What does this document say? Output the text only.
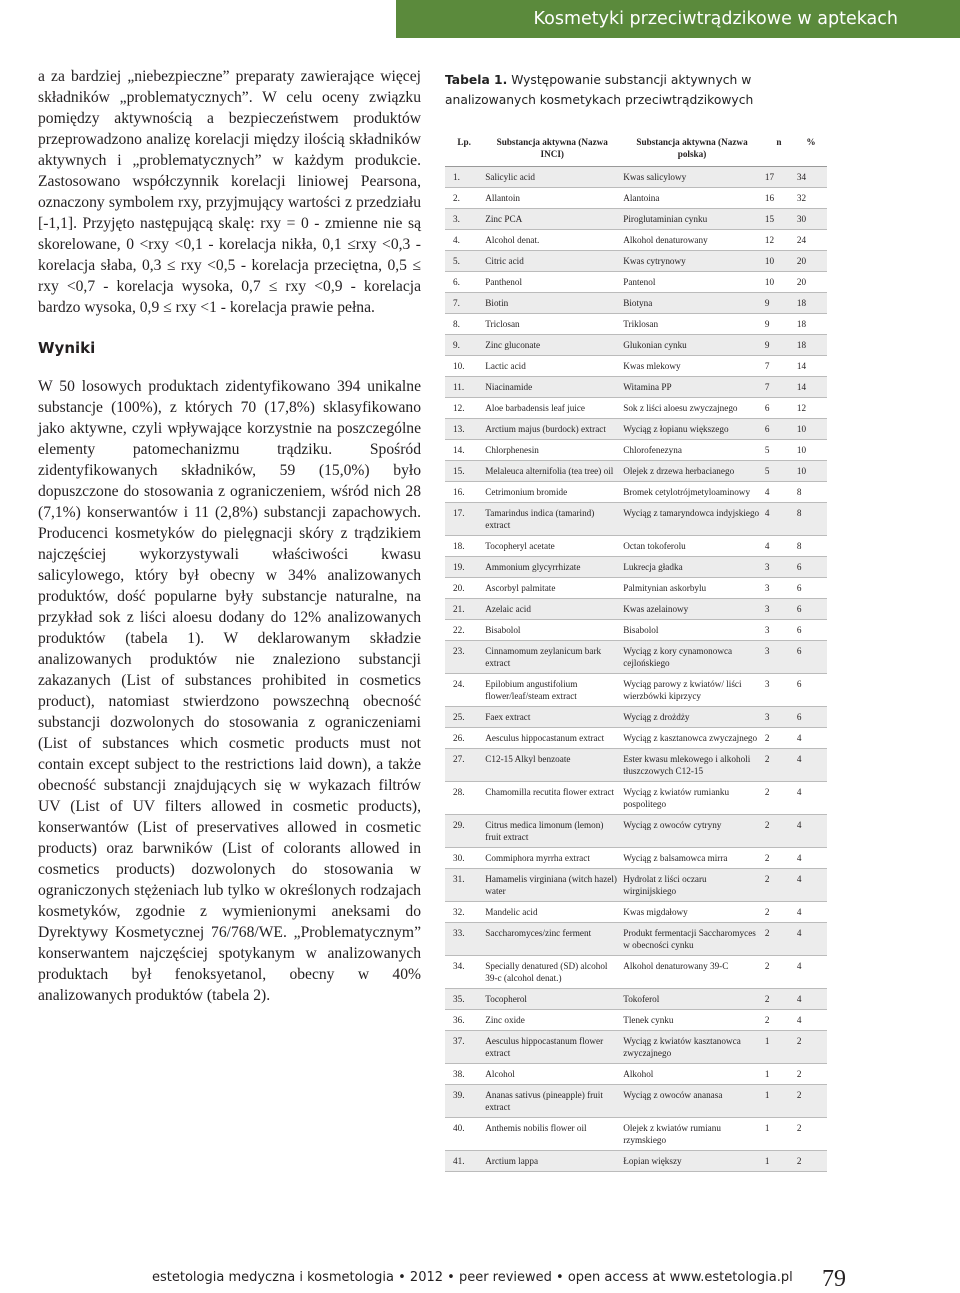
Kosmetyki przeciwtrądzikowe w aptekach

a za bardziej „niebezpieczne” preparaty zawierające więcej składników „problematycznych”. W celu oceny związku pomiędzy aktywnością a bezpieczeństwem produktów przeprowadzono analizę korelacji między ilością składników aktywnych i „problematycznych” w każdym produkcie. Zastosowano współczynnik korelacji liniowej Pearsona, oznaczony symbolem rxy, przyjmujący wartości z przedziału [-1,1]. Przyjęto następującą skalę: rxy = 0 - zmienne nie są skorelowane, 0 <rxy <0,1 - korelacja nikła, 0,1 ≤rxy <0,3 - korelacja słaba, 0,3 ≤ rxy <0,5 - korelacja przeciętna, 0,5 ≤ rxy <0,7 - korelacja wysoka, 0,7 ≤ rxy <0,9 - korelacja bardzo wysoka, 0,9 ≤ rxy <1 - korelacja prawie pełna.

Wyniki

W 50 losowych produktach zidentyfikowano 394 unikalne substancje (100%), z których 70 (17,8%) sklasyfikowano jako aktywne, czyli wpływające korzystnie na poszczególne elementy patomechanizmu trądziku. Spośród zidentyfikowanych składników, 59 (15,0%) było dopuszczone do stosowania z ograniczeniem, wśród nich 28 (7,1%) konserwantów i 11 (2,8%) substancji zapachowych. Producenci kosmetyków do pielęgnacji skóry z trądzikiem najczęściej wykorzystywali właściwości kwasu salicylowego, który był obecny w 34% analizowanych produktów, dość popularne były substancje naturalne, na przykład sok z liści aloesu dodany do 12% analizowanych produktów (tabela 1). W deklarowanym składzie analizowanych produktów nie znaleziono substancji zakazanych (List of substances prohibited in cosmetics product), natomiast stwierdzono powszechną obecność substancji dozwolonych do stosowania z ograniczeniami (List of substances which cosmetic products must not contain except subject to the restrictions laid down), a także obecność substancji znajdujących się w wykazach filtrów UV (List of UV filters allowed in cosmetic products), konserwantów (List of preservatives allowed in cosmetic products) oraz barwników (List of colorants allowed in cosmetics products) dozwolonych do stosowania w ograniczonych stężeniach lub tylko w określonych rodzajach kosmetyków, zgodnie z wymienionymi aneksami do Dyrektywy Kosmetycznej 76/768/WE. „Problematycznym” konserwantem najczęściej spotykanym w analizowanych produktach był fenoksyetanol, obecny w 40% analizowanych produktów (tabela 2).

Tabela 1. Występowanie substancji aktywnych w analizowanych kosmetykach przeciwtrądzikowych
Lp.	Substancja aktywna (Nazwa INCI)	Substancja aktywna (Nazwa polska)	n	%
1.	Salicylic acid	Kwas salicylowy	17	34
2.	Allantoin	Alantoina	16	32
3.	Zinc PCA	Piroglutaminian cynku	15	30
4.	Alcohol denat.	Alkohol denaturowany	12	24
5.	Citric acid	Kwas cytrynowy	10	20
6.	Panthenol	Pantenol	10	20
7.	Biotin	Biotyna	9	18
8.	Triclosan	Triklosan	9	18
9.	Zinc gluconate	Glukonian cynku	9	18
10.	Lactic acid	Kwas mlekowy	7	14
11.	Niacinamide	Witamina PP	7	14
12.	Aloe barbadensis leaf juice	Sok z liści aloesu zwyczajnego	6	12
13.	Arctium majus (burdock) extract	Wyciąg z łopianu większego	6	10
14.	Chlorphenesin	Chlorofenezyna	5	10
15.	Melaleuca alternifolia (tea tree) oil	Olejek z drzewa herbacianego	5	10
16.	Cetrimonium bromide	Bromek cetylotrójmetyloaminowy	4	8
17.	Tamarindus indica (tamarind) extract	Wyciąg z tamaryndowca indyjskiego	4	8
18.	Tocopheryl acetate	Octan tokoferolu	4	8
19.	Ammonium glycyrrhizate	Lukrecja gładka	3	6
20.	Ascorbyl palmitate	Palmitynian askorbylu	3	6
21.	Azelaic acid	Kwas azelainowy	3	6
22.	Bisabolol	Bisabolol	3	6
23.	Cinnamomum zeylanicum bark extract	Wyciąg z kory cynamonowca cejlońskiego	3	6
24.	Epilobium angustifolium flower/leaf/steam extract	Wyciąg parowy z kwiatów/ liści wierzbówki kiprzycy	3	6
25.	Faex extract	Wyciąg z drożdży	3	6
26.	Aesculus hippocastanum extract	Wyciąg z kasztanowca zwyczajnego	2	4
27.	C12-15 Alkyl benzoate	Ester kwasu mlekowego i alkoholi tłuszczowych C12-15	2	4
28.	Chamomilla recutita flower extract	Wyciąg z kwiatów rumianku pospolitego	2	4
29.	Citrus medica limonum (lemon) fruit extract	Wyciąg z owoców cytryny	2	4
30.	Commiphora myrrha extract	Wyciąg z balsamowca mirra	2	4
31.	Hamamelis virginiana (witch hazel) water	Hydrolat z liści oczaru wirginijskiego	2	4
32.	Mandelic acid	Kwas migdałowy	2	4
33.	Saccharomyces/zinc ferment	Produkt fermentacji Saccharomyces w obecności cynku	2	4
34.	Specially denatured (SD) alcohol 39-c (alcohol denat.)	Alkohol denaturowany 39-C	2	4
35.	Tocopherol	Tokoferol	2	4
36.	Zinc oxide	Tlenek cynku	2	4
37.	Aesculus hippocastanum flower extract	Wyciąg z kwiatów kasztanowca zwyczajnego	1	2
38.	Alcohol	Alkohol	1	2
39.	Ananas sativus (pineapple) fruit extract	Wyciąg z owoców ananasa	1	2
40.	Anthemis nobilis flower oil	Olejek z kwiatów rumianu rzymskiego	1	2
41.	Arctium lappa	Łopian większy	1	2
estetologia medyczna i kosmetologia • 2012 • peer reviewed • open access at www.estetologia.pl 79
